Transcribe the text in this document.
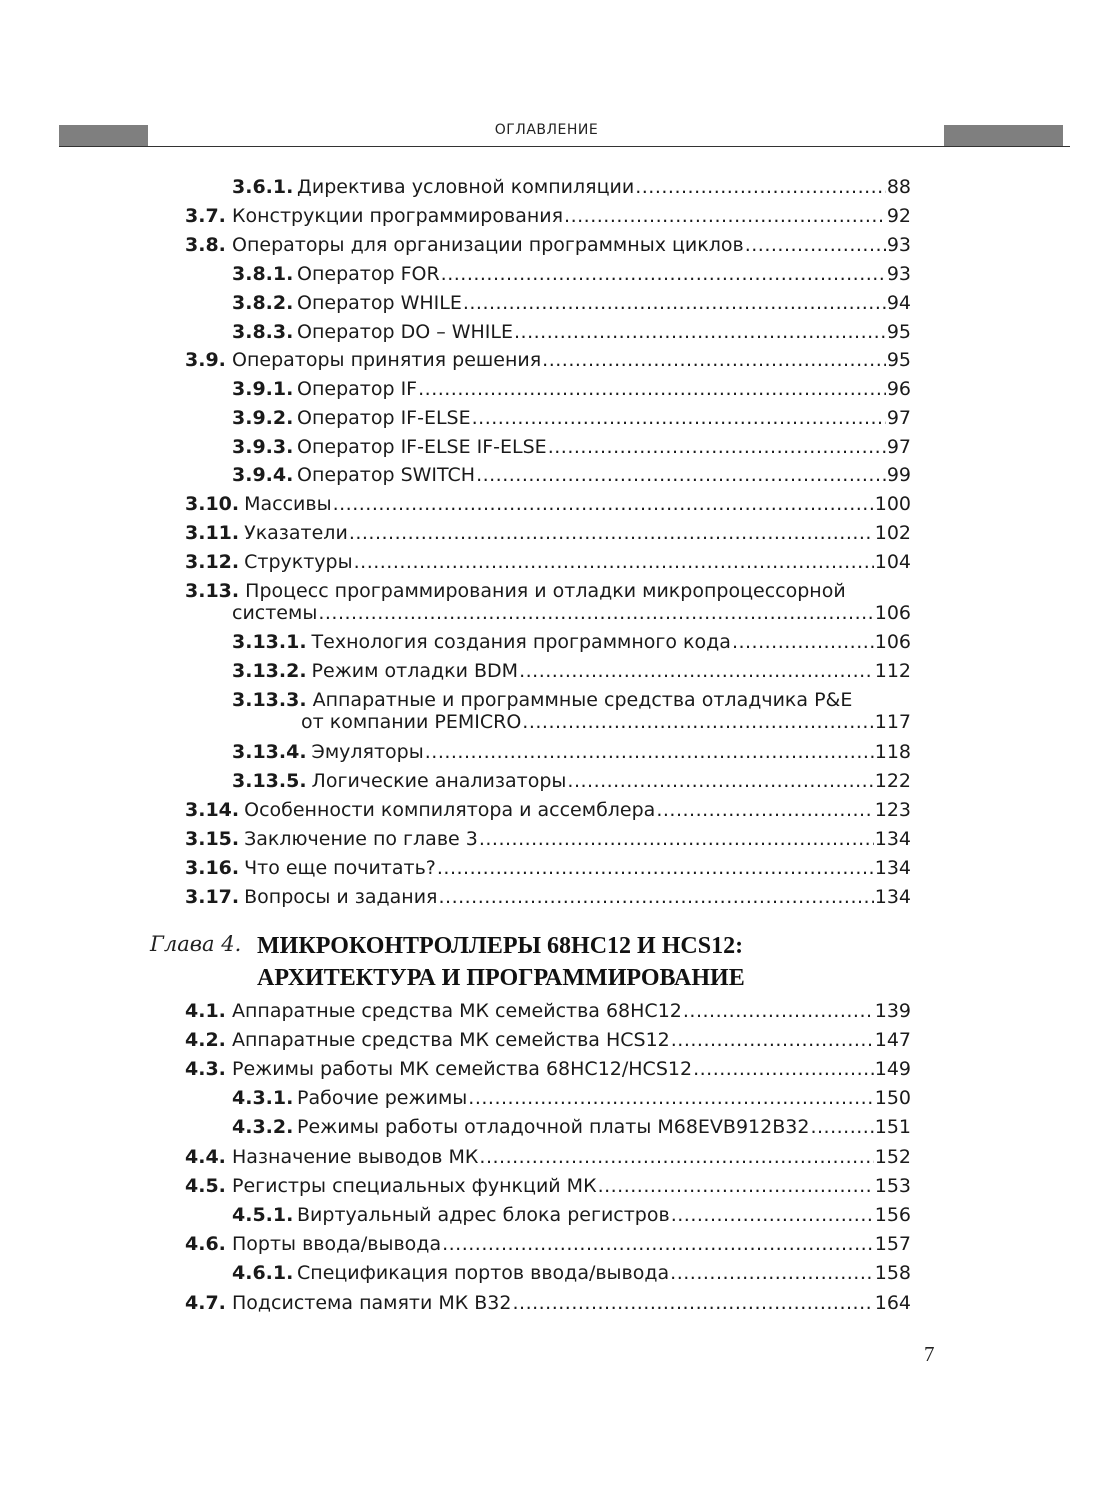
ОГЛАВЛЕНИЕ
3.6.1. Директива условной компиляции .....	88
3.7. Конструкции программирования .....	92
3.8. Операторы для организации программных циклов .....	93
3.8.1. Оператор FOR .....	93
3.8.2. Оператор WHILE .....	94
3.8.3. Оператор DO – WHILE .....	95
3.9. Операторы принятия решения .....	95
3.9.1. Оператор IF .....	96
3.9.2. Оператор IF-ELSE .....	97
3.9.3. Оператор IF-ELSE IF-ELSE .....	97
3.9.4. Оператор SWITCH .....	99
3.10. Массивы .....	100
3.11. Указатели .....	102
3.12. Структуры .....	104
3.13. Процесс программирования и отладки микропроцессорной
системы .....	106
3.13.1. Технология создания программного кода .....	106
3.13.2. Режим отладки BDM .....	112
3.13.3. Аппаратные и программные средства отладчика P&E
от компании PEMICRO .....	117
3.13.4. Эмуляторы .....	118
3.13.5. Логические анализаторы .....	122
3.14. Особенности компилятора и ассемблера .....	123
3.15. Заключение по главе 3 .....	134
3.16. Что еще почитать? .....	134
3.17. Вопросы и задания .....	134
Глава 4. МИКРОКОНТРОЛЛЕРЫ 68HC12 И HCS12:
АРХИТЕКТУРА И ПРОГРАММИРОВАНИЕ
4.1. Аппаратные средства МК семейства 68HC12 .....	139
4.2. Аппаратные средства МК семейства HCS12 .....	147
4.3. Режимы работы МК семейства 68HC12/HCS12 .....	149
4.3.1. Рабочие режимы .....	150
4.3.2. Режимы работы отладочной платы M68EVB912B32 .....	151
4.4. Назначение выводов МК .....	152
4.5. Регистры специальных функций МК .....	153
4.5.1. Виртуальный адрес блока регистров .....	156
4.6. Порты ввода/вывода .....	157
4.6.1. Спецификация портов ввода/вывода .....	158
4.7. Подсистема памяти МК B32 .....	164
7
